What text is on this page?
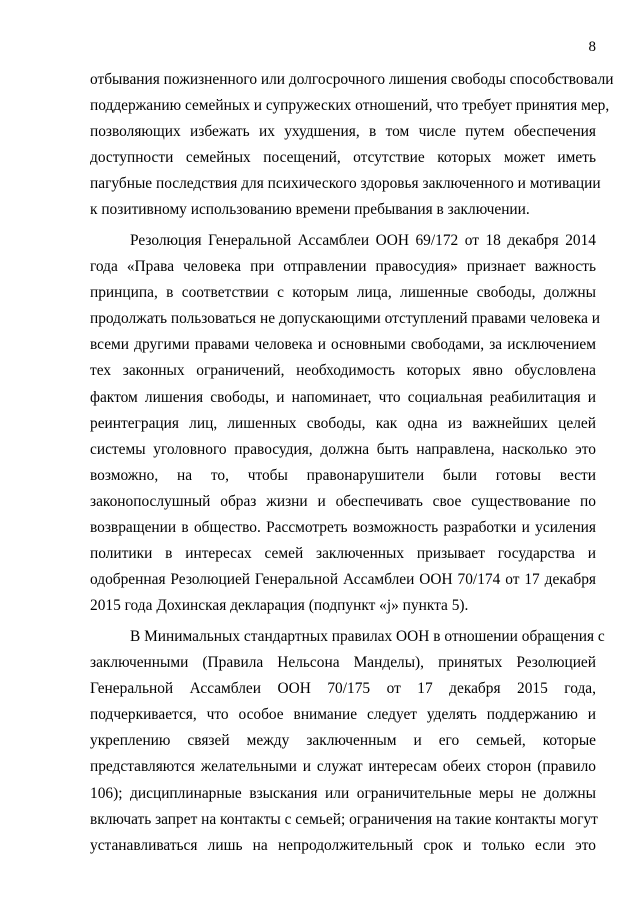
8
отбывания пожизненного или долгосрочного лишения свободы способствовали
поддержанию семейных и супружеских отношений, что требует принятия мер,
позволяющих избежать их ухудшения, в том числе путем обеспечения
доступности семейных посещений, отсутствие которых может иметь
пагубные последствия для психического здоровья заключенного и мотивации
к позитивному использованию времени пребывания в заключении.
Резолюция Генеральной Ассамблеи ООН 69/172 от 18 декабря 2014
года «Права человека при отправлении правосудия» признает важность
принципа, в соответствии с которым лица, лишенные свободы, должны
продолжать пользоваться не допускающими отступлений правами человека и
всеми другими правами человека и основными свободами, за исключением
тех законных ограничений, необходимость которых явно обусловлена
фактом лишения свободы, и напоминает, что социальная реабилитация и
реинтеграция лиц, лишенных свободы, как одна из важнейших целей
системы уголовного правосудия, должна быть направлена, насколько это
возможно, на то, чтобы правонарушители были готовы вести
законопослушный образ жизни и обеспечивать свое существование по
возвращении в общество. Рассмотреть возможность разработки и усиления
политики в интересах семей заключенных призывает государства и
одобренная Резолюцией Генеральной Ассамблеи ООН 70/174 от 17 декабря
2015 года Дохинская декларация (подпункт «j» пункта 5).
В Минимальных стандартных правилах ООН в отношении обращения с
заключенными (Правила Нельсона Манделы), принятых Резолюцией
Генеральной Ассамблеи ООН 70/175 от 17 декабря 2015 года,
подчеркивается, что особое внимание следует уделять поддержанию и
укреплению связей между заключенным и его семьей, которые
представляются желательными и служат интересам обеих сторон (правило
106); дисциплинарные взыскания или ограничительные меры не должны
включать запрет на контакты с семьей; ограничения на такие контакты могут
устанавливаться лишь на непродолжительный срок и только если это
